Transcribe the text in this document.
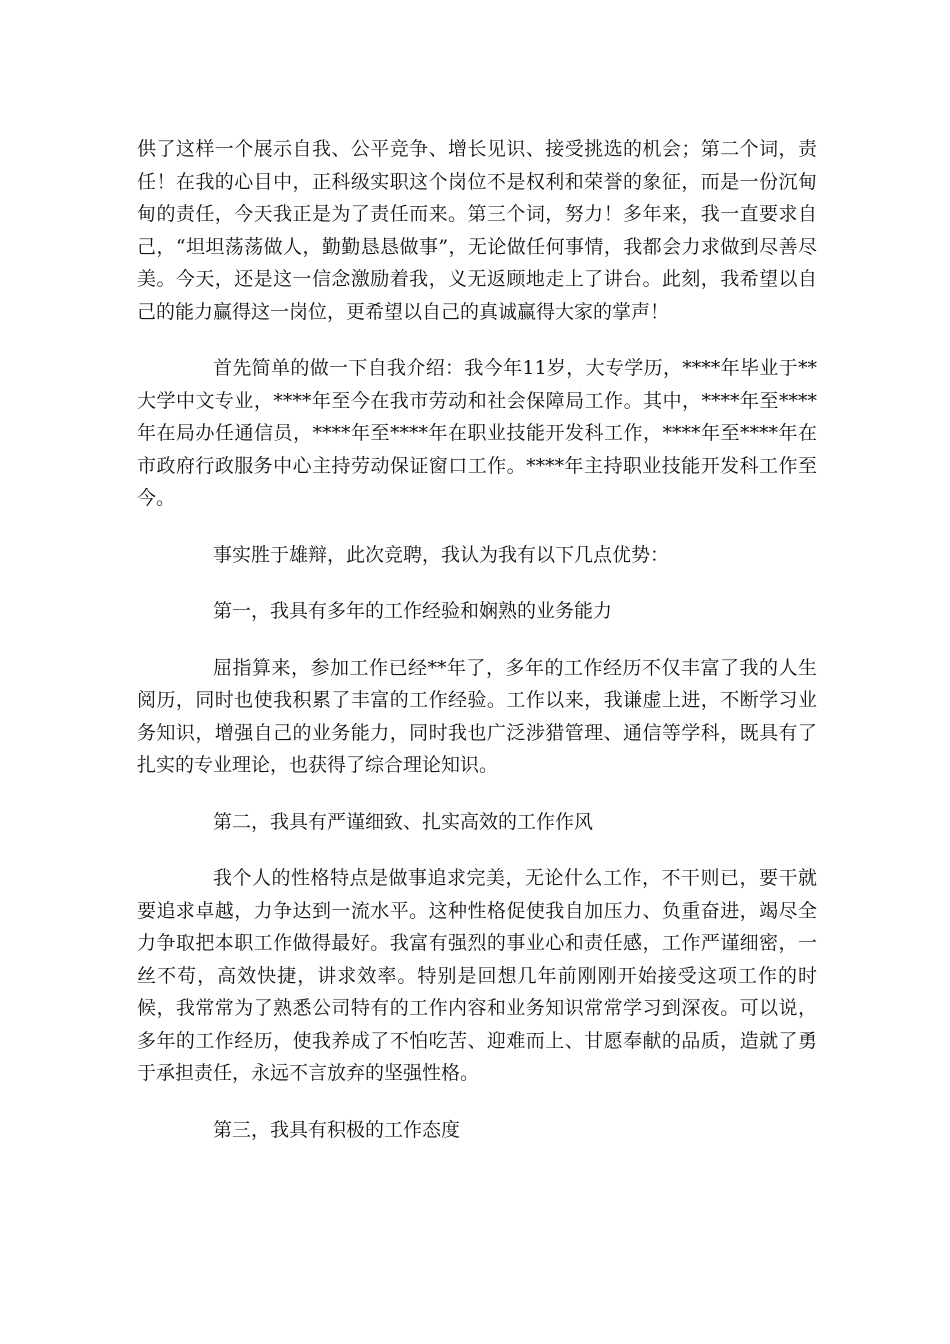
供了这样一个展示自我、公平竞争、增长见识、接受挑选的机会；第二个词，责任！在我的心目中，正科级实职这个岗位不是权利和荣誉的象征，而是一份沉甸甸的责任，今天我正是为了责任而来。第三个词，努力！多年来，我一直要求自己，“坦坦荡荡做人，勤勤恳恳做事”，无论做任何事情，我都会力求做到尽善尽美。今天，还是这一信念激励着我，义无返顾地走上了讲台。此刻，我希望以自己的能力赢得这一岗位，更希望以自己的真诚赢得大家的掌声！

首先简单的做一下自我介绍：我今年11岁，大专学历，****年毕业于**大学中文专业，****年至今在我市劳动和社会保障局工作。其中，****年至****年在局办任通信员，****年至****年在职业技能开发科工作，****年至****年在市政府行政服务中心主持劳动保证窗口工作。****年主持职业技能开发科工作至今。

事实胜于雄辩，此次竞聘，我认为我有以下几点优势：

第一，我具有多年的工作经验和娴熟的业务能力

屈指算来，参加工作已经**年了，多年的工作经历不仅丰富了我的人生阅历，同时也使我积累了丰富的工作经验。工作以来，我谦虚上进，不断学习业务知识，增强自己的业务能力，同时我也广泛涉猎管理、通信等学科，既具有了扎实的专业理论，也获得了综合理论知识。

第二，我具有严谨细致、扎实高效的工作作风

我个人的性格特点是做事追求完美，无论什么工作，不干则已，要干就要追求卓越，力争达到一流水平。这种性格促使我自加压力、负重奋进，竭尽全力争取把本职工作做得最好。我富有强烈的事业心和责任感，工作严谨细密，一丝不苟，高效快捷，讲求效率。特别是回想几年前刚刚开始接受这项工作的时候，我常常为了熟悉公司特有的工作内容和业务知识常常学习到深夜。可以说，多年的工作经历，使我养成了不怕吃苦、迎难而上、甘愿奉献的品质，造就了勇于承担责任，永远不言放弃的坚强性格。

第三，我具有积极的工作态度
